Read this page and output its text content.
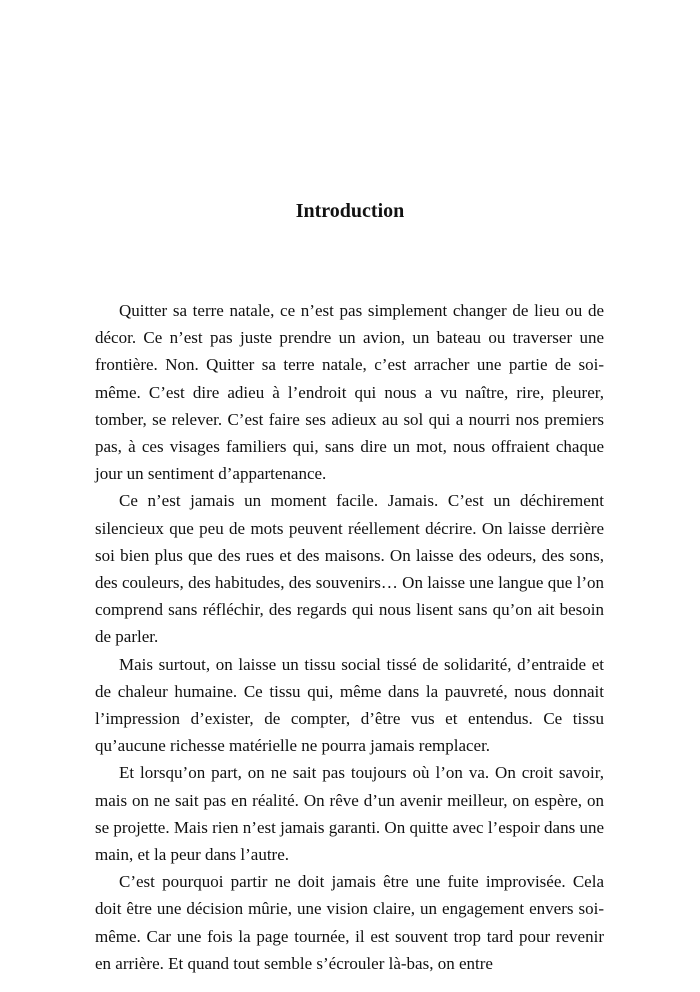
Introduction

Quitter sa terre natale, ce n’est pas simplement changer de lieu ou de décor. Ce n’est pas juste prendre un avion, un bateau ou traverser une frontière. Non. Quitter sa terre natale, c’est arracher une partie de soi-même. C’est dire adieu à l’endroit qui nous a vu naître, rire, pleurer, tomber, se relever. C’est faire ses adieux au sol qui a nourri nos premiers pas, à ces visages familiers qui, sans dire un mot, nous offraient chaque jour un sentiment d’appartenance.

Ce n’est jamais un moment facile. Jamais. C’est un déchirement silencieux que peu de mots peuvent réellement décrire. On laisse derrière soi bien plus que des rues et des maisons. On laisse des odeurs, des sons, des couleurs, des habitudes, des souvenirs… On laisse une langue que l’on comprend sans réfléchir, des regards qui nous lisent sans qu’on ait besoin de parler.

Mais surtout, on laisse un tissu social tissé de solidarité, d’entraide et de chaleur humaine. Ce tissu qui, même dans la pauvreté, nous donnait l’impression d’exister, de compter, d’être vus et entendus. Ce tissu qu’aucune richesse matérielle ne pourra jamais remplacer.

Et lorsqu’on part, on ne sait pas toujours où l’on va. On croit savoir, mais on ne sait pas en réalité. On rêve d’un avenir meilleur, on espère, on se projette. Mais rien n’est jamais garanti. On quitte avec l’espoir dans une main, et la peur dans l’autre.

C’est pourquoi partir ne doit jamais être une fuite improvisée. Cela doit être une décision mûrie, une vision claire, un engagement envers soi-même. Car une fois la page tournée, il est souvent trop tard pour revenir en arrière. Et quand tout semble s’écrouler là-bas, on entre
